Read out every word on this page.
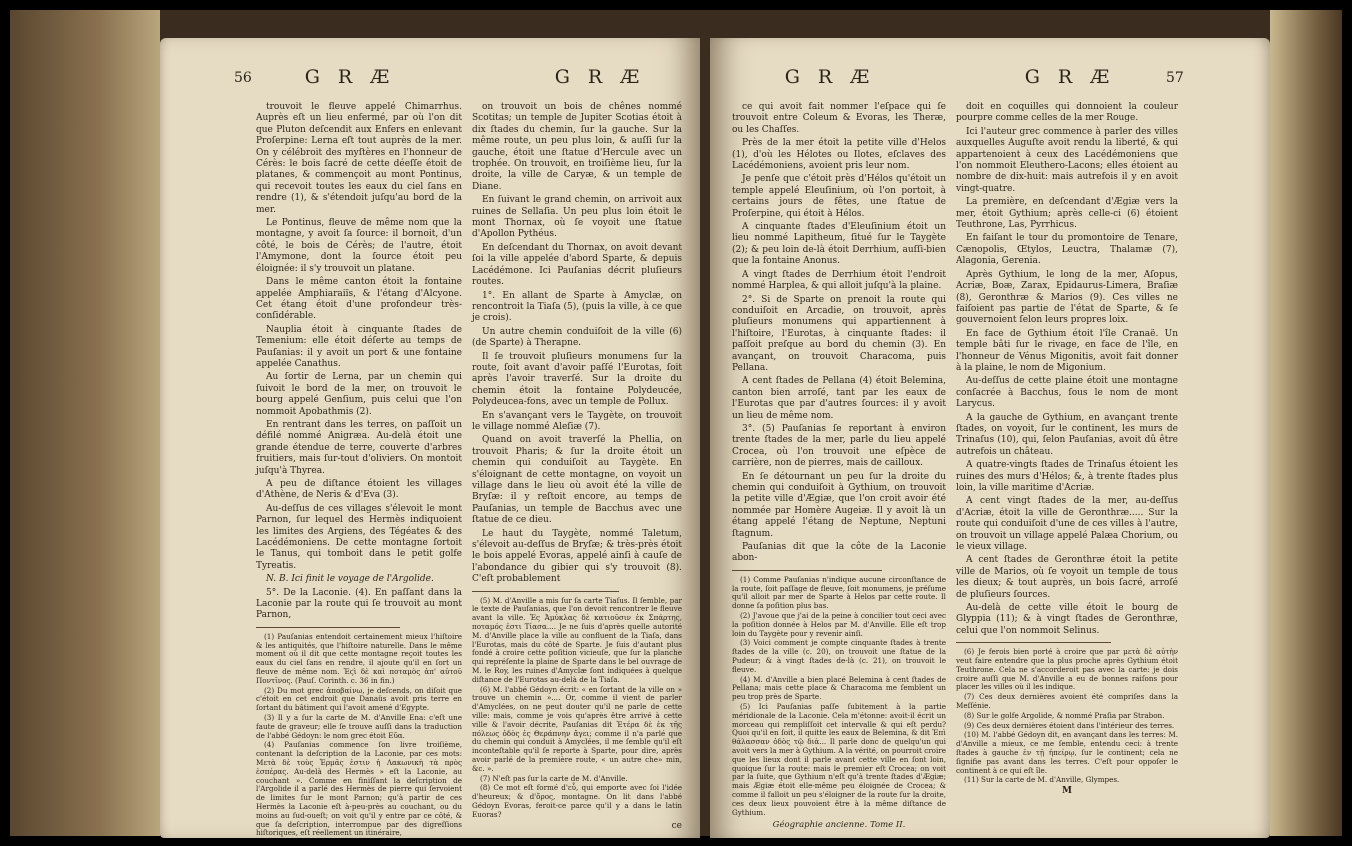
56	G R Æ	G R Æ

trouvoit le fleuve appelé Chimarrhus. Auprès eſt un lieu enfermé, par où l'on dit que Pluton deſcendit aux Enfers en enlevant Proſerpine: Lerna eſt tout auprès de la mer. On y célébroit des myſtères en l'honneur de Cérès: le bois ſacré de cette déeſſe étoit de platanes, & commençoit au mont Pontinus, qui recevoit toutes les eaux du ciel ſans en rendre (1), & s'étendoit juſqu'au bord de la mer.

Le Pontinus, fleuve de même nom que la montagne, y avoit ſa ſource: il bornoit, d'un côté, le bois de Cérès; de l'autre, étoit l'Amymone, dont la ſource étoit peu éloignée: il s'y trouvoit un platane.

Dans le même canton étoit la fontaine appelée Amphiaraiïs, & l'étang d'Alcyone. Cet étang étoit d'une profondeur très-conſidérable.

Nauplia étoit à cinquante ſtades de Temenium: elle étoit déſerte au temps de Pauſanias: il y avoit un port & une fontaine appelée Canathus.

Au ſortir de Lerna, par un chemin qui ſuivoit le bord de la mer, on trouvoit le bourg appelé Genſium, puis celui que l'on nommoit Apobathmis (2).

En rentrant dans les terres, on paſſoit un défilé nommé Anigræa. Au-delà étoit une grande étendue de terre, couverte d'arbres fruitiers, mais ſur-tout d'oliviers. On montoit juſqu'à Thyrea.

A peu de diſtance étoient les villages d'Athène, de Neris & d'Eva (3).

Au-deſſus de ces villages s'élevoit le mont Parnon, ſur lequel des Hermès indiquoient les limites des Argiens, des Tégéates & des Lacédémoniens. De cette montagne ſortoit le Tanus, qui tomboit dans le petit golfe Tyreatis.

N. B. Ici finit le voyage de l'Argolide.

5°. De la Laconie. (4). En paſſant dans la Laconie par la route qui ſe trouvoit au mont Parnon,

(1) Pauſanias entendoit certainement mieux l'hiſtoire & les antiquités, que l'hiſtoire naturelle. Dans le même moment où il dit que cette montagne reçoit toutes les eaux du ciel ſans en rendre, il ajoute qu'il en ſort un fleuve de même nom. Ἐϛὶ δὲ καὶ ποταμὸς ἀπ' αὐτοῦ Ποντῖνος. (Pauſ. Corinth. c. 36 in fin.)

(2) Du mot grec ἀποβαίνω, je deſcends, on diſoit que c'étoit en cet endroit que Danaüs avoit pris terre en ſortant du bâtiment qui l'avoit amené d'Egypte.

(3) Il y a ſur la carte de M. d'Anville Ena: c'eſt une faute de graveur; elle ſe trouve auſſi dans la traduction de l'abbé Gédoyn: le nom grec étoit Εὔα.

(4) Pauſanias commence ſon livre troiſième, contenant la deſcription de la Laconie, par ces mots: Μετὰ δὲ τοὺς Ἑρμᾶς ἐστιν ἡ Λακωνικὴ τὰ πρὸς ἑσπέρας. Au-delà des Hermès » eſt la Laconie, au couchant ». Comme en finiſſant la deſcription de l'Argolide il a parlé des Hermès de pierre qui ſervoient de limites ſur le mont Parnon; qu'à partir de ces Hermès la Laconie eſt à-peu-près au couchant, ou du moins au ſud-oueſt; on voit qu'il y entre par ce côté, & que ſa deſcription, interrompue par des digreſſions hiſtoriques, eſt réellement un itinéraire,

on trouvoit un bois de chênes nommé Scotitas; un temple de Jupiter Scotias étoit à dix ſtades du chemin, ſur la gauche. Sur la même route, un peu plus loin, & auſſi ſur la gauche, étoit une ſtatue d'Hercule avec un trophée. On trouvoit, en troiſième lieu, ſur la droite, la ville de Caryæ, & un temple de Diane.

En ſuivant le grand chemin, on arrivoit aux ruines de Sellaſia. Un peu plus loin étoit le mont Thornax, où ſe voyoit une ſtatue d'Apollon Pythéus.

En deſcendant du Thornax, on avoit devant ſoi la ville appelée d'abord Sparte, & depuis Lacédémone. Ici Pauſanias décrit pluſieurs routes.

1°. En allant de Sparte à Amyclæ, on rencontroit la Tiaſa (5), (puis la ville, à ce que je crois).

Un autre chemin conduiſoit de la ville (6) (de Sparte) à Therapne.

Il ſe trouvoit pluſieurs monumens ſur la route, ſoit avant d'avoir paſſé l'Eurotas, ſoit après l'avoir traverſé. Sur la droite du chemin étoit la fontaine Polydeucée, Polydeucea-fons, avec un temple de Pollux.

En s'avançant vers le Taygète, on trouvoit le village nommé Aleſiæ (7).

Quand on avoit traverſé la Phellia, on trouvoit Pharis; & ſur la droite étoit un chemin qui conduiſoit au Taygète. En s'éloignant de cette montagne, on voyoit un village dans le lieu où avoit été la ville de Bryſæ: il y reſtoit encore, au temps de Pauſanias, un temple de Bacchus avec une ſtatue de ce dieu.

Le haut du Taygète, nommé Taletum, s'élevoit au-deſſus de Bryſæ; & très-près étoit le bois appelé Evoras, appelé ainſi à cauſe de l'abondance du gibier qui s'y trouvoit (8). C'eſt probablement

(5) M. d'Anville a mis ſur ſa carte Tiaſus. Il ſemble, par le texte de Pauſanias, que l'on devoit rencontrer le fleuve avant la ville. Ἐς Ἀμύκλας δὲ κατιοῦσιν ἐκ Σπάρτης, ποταμός ἐστι Τίασα.... Je ne ſuis d'après quelle autorité M. d'Anville place la ville au confluent de la Tiaſa, dans l'Eurotas, mais du côté de Sparte. Je ſuis d'autant plus fondé à croire cette poſition vicieuſe, que ſur la planche qui repréſente la plaine de Sparte dans le bel ouvrage de M. le Roy, les ruines d'Amyclæ ſont indiquées à quelque diſtance de l'Eurotas au-delà de la Tiaſa.

(6) M. l'abbé Gédoyn écrit: « en ſortant de la ville on » trouve un chemin ».... Or, comme il vient de parler d'Amyclées, on ne peut douter qu'il ne parle de cette ville: mais, comme je vois qu'après être arrivé à cette ville & l'avoir décrite, Pauſanias dit Ἑτέρα δὲ ἐκ τῆς πόλεως ὁδὸς ἐς Θεράπνην ἄγει; comme il n'a parlé que du chemin qui conduit à Amyclées, il me ſemble qu'il eſt inconteſtable qu'il ſe reporte à Sparte, pour dire, après avoir parlé de la première route, « un autre che» min, &c. ».

(7) N'eſt pas ſur la carte de M. d'Anville.

(8) Ce mot eſt formé d'εὖ, qui emporte avec ſoi l'idée d'heureux; & d'ὄρος, montagne. On lit dans l'abbé Gédoyn Evoras, feroit-ce parce qu'il y a dans le latin Euoras?

ce
G R Æ	G R Æ	57

ce qui avoit fait nommer l'eſpace qui ſe trouvoit entre Coleum & Evoras, les Theræ, ou les Chaſſes.

Près de la mer étoit la petite ville d'Helos (1), d'où les Hélotes ou Ilotes, eſclaves des Lacédémoniens, avoient pris leur nom.

Je penſe que c'étoit près d'Hélos qu'étoit un temple appelé Eleuſinium, où l'on portoit, à certains jours de fêtes, une ſtatue de Proſerpine, qui étoit à Hélos.

A cinquante ſtades d'Eleuſinium étoit un lieu nommé Lapitheum, ſitué ſur le Taygète (2); & peu loin de-là étoit Derrhium, auſſi-bien que la fontaine Anonus.

A vingt ſtades de Derrhium étoit l'endroit nommé Harplea, & qui alloit juſqu'à la plaine.

2°. Si de Sparte on prenoit la route qui conduiſoit en Arcadie, on trouvoit, après pluſieurs monumens qui appartiennent à l'hiſtoire, l'Eurotas, à cinquante ſtades: il paſſoit preſque au bord du chemin (3). En avançant, on trouvoit Characoma, puis Pellana.

A cent ſtades de Pellana (4) étoit Belemina, canton bien arroſé, tant par les eaux de l'Eurotas que par d'autres ſources: il y avoit un lieu de même nom.

3°. (5) Pauſanias ſe reportant à environ trente ſtades de la mer, parle du lieu appelé Crocea, où l'on trouvoit une eſpèce de carrière, non de pierres, mais de cailloux.

En ſe détournant un peu ſur la droite du chemin qui conduiſoit à Gythium, on trouvoit la petite ville d'Ægiæ, que l'on croit avoir été nommée par Homère Augeiæ. Il y avoit là un étang appelé l'étang de Neptune, Neptuni ſtagnum.

Pauſanias dit que la côte de la Laconie abon-

(1) Comme Pauſanias n'indique aucune circonſtance de la route, ſoit paſſage de fleuve, ſoit monumens, je préſume qu'il alloit par mer de Sparte à Helos par cette route. Il donne ſa poſition plus bas.

(2) J'avoue que j'ai de la peine à concilier tout ceci avec la poſition donnée à Helos par M. d'Anville. Elle eſt trop loin du Taygète pour y revenir ainſi.

(3) Voici comment je compte cinquante ſtades à trente ſtades de la ville (c. 20), on trouvoit une ſtatue de la Pudeur; & à vingt ſtades de-là (c. 21), on trouvoit le fleuve.

(4) M. d'Anville a bien placé Belemina à cent ſtades de Pellana; mais cette place & Characoma me ſemblent un peu trop près de Sparte.

(5) Ici Pauſanias paſſe ſubitement à la partie méridionale de la Laconie. Cela m'étonne: avoit-il écrit un morceau qui rempliſſoit cet intervalle & qui eſt perdu? Quoi qu'il en ſoit, il quitte les eaux de Belemina, & dit Ἐπὶ θάλασσαν ὁδὸς τῷ διὰ... Il parle donc de quelqu'un qui avoit vers la mer à Gythium. A la vérité, on pourroit croire que les lieux dont il parle avant cette ville en ſont loin, quoique ſur la route: mais le premier eſt Crocea; on voit par la ſuite, que Gythium n'eſt qu'à trente ſtades d'Ægiæ; mais Ægiæ étoit elle-même peu éloignée de Crocea; & comme il falloit un peu s'éloigner de la route ſur la droite, ces deux lieux pouvoient être à la même diſtance de Gythium.

Géographie ancienne. Tome II.

doit en coquilles qui donnoient la couleur pourpre comme celles de la mer Rouge.

Ici l'auteur grec commence à parler des villes auxquelles Auguſte avoit rendu la liberté, & qui appartenoient à ceux des Lacédémoniens que l'on nommoit Eleuthero-Lacons; elles étoient au nombre de dix-huit: mais autrefois il y en avoit vingt-quatre.

La première, en deſcendant d'Ægiæ vers la mer, étoit Gythium; après celle-ci (6) étoient Teuthrone, Las, Pyrrhicus.

En faiſant le tour du promontoire de Tenare, Cænopolis, Œtylos, Leuctra, Thalamæ (7), Alagonia, Gerenia.

Après Gythium, le long de la mer, Aſopus, Acriæ, Boæ, Zarax, Epidaurus-Limera, Braſiæ (8), Geronthræ & Marios (9). Ces villes ne faiſoient pas partie de l'état de Sparte, & ſe gouvernoient ſelon leurs propres loix.

En face de Gythium étoit l'île Cranaë. Un temple bâti ſur le rivage, en face de l'île, en l'honneur de Vénus Migonitis, avoit fait donner à la plaine, le nom de Migonium.

Au-deſſus de cette plaine étoit une montagne conſacrée à Bacchus, ſous le nom de mont Larycus.

A la gauche de Gythium, en avançant trente ſtades, on voyoit, ſur le continent, les murs de Trinaſus (10), qui, ſelon Pauſanias, avoit dû être autrefois un château.

A quatre-vingts ſtades de Trinaſus étoient les ruines des murs d'Hélos; &, à trente ſtades plus loin, la ville maritime d'Acriæ.

A cent vingt ſtades de la mer, au-deſſus d'Acriæ, étoit la ville de Geronthræ..... Sur la route qui conduiſoit d'une de ces villes à l'autre, on trouvoit un village appelé Palæa Chorium, ou le vieux village.

A cent ſtades de Geronthræ étoit la petite ville de Marios, où ſe voyoit un temple de tous les dieux; & tout auprès, un bois ſacré, arroſé de pluſieurs ſources.

Au-delà de cette ville étoit le bourg de Glyppia (11); & à vingt ſtades de Geronthræ, celui que l'on nommoit Selinus.

(6) Je ferois bien porté à croire que par μετὰ δὲ αὐτὴν veut faire entendre que la plus proche après Gythium étoit Teuthrone. Cela ne s'accorderoit pas avec la carte: je dois croire auſſi que M. d'Anville a eu de bonnes raiſons pour placer les villes où il les indique.

(7) Ces deux dernières avoient été compriſes dans la Meſſénie.

(8) Sur le golfe Argolide, & nommé Praſia par Strabon.

(9) Ces deux dernières étoient dans l'intérieur des terres.

(10) M. l'abbé Gédoyn dit, en avançant dans les terres: M. d'Anville a mieux, ce me ſemble, entendu ceci: à trente ſtades à gauche ἐν τῇ ἠπείρῳ, ſur le continent; cela ne ſignifie pas avant dans les terres. C'eſt pour oppoſer le continent à ce qui eſt île.

(11) Sur la carte de M. d'Anville, Glympes.

M
